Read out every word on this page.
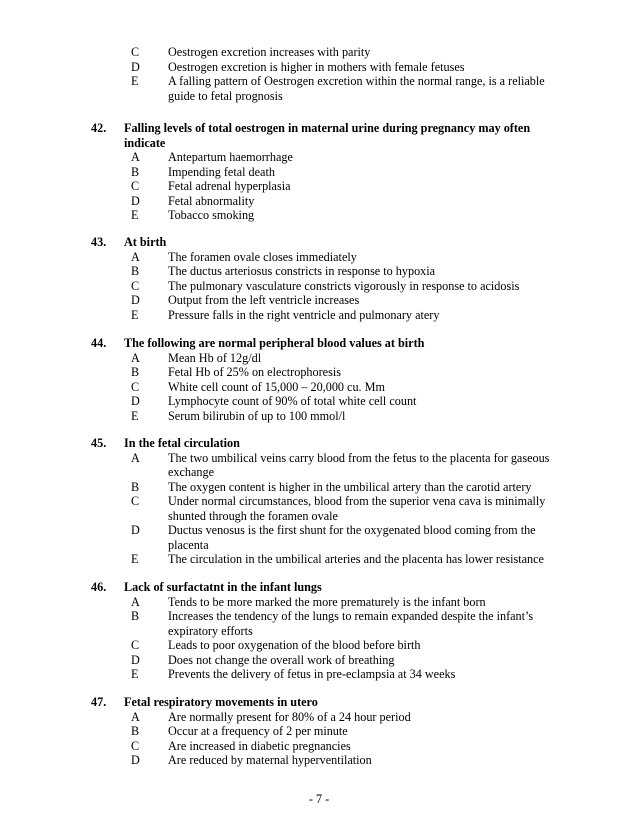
C	Oestrogen excretion increases with parity
D	Oestrogen excretion is higher in mothers with female fetuses
E	A falling pattern of Oestrogen excretion within the normal range, is a reliable guide to fetal prognosis
42.	Falling levels of total oestrogen in maternal urine during pregnancy may often indicate
A	Antepartum haemorrhage
B	Impending fetal death
C	Fetal adrenal hyperplasia
D	Fetal abnormality
E	Tobacco smoking
43.	At birth
A	The foramen ovale closes immediately
B	The ductus arteriosus constricts in response to hypoxia
C	The pulmonary vasculature constricts vigorously in response to acidosis
D	Output from the left ventricle increases
E	Pressure falls in the right ventricle and pulmonary atery
44.	The following are normal peripheral blood values at birth
A	Mean Hb of 12g/dl
B	Fetal Hb of 25% on electrophoresis
C	White cell count of 15,000 – 20,000 cu. Mm
D	Lymphocyte count of 90% of total white cell count
E	Serum bilirubin of up to 100 mmol/l
45.	In the fetal circulation
A	The two umbilical veins carry blood from the fetus to the placenta for gaseous exchange
B	The oxygen content is higher in the umbilical artery than the carotid artery
C	Under normal circumstances, blood from the superior vena cava is minimally shunted through the foramen ovale
D	Ductus venosus is the first shunt for the oxygenated blood coming from the placenta
E	The circulation in the umbilical arteries and the placenta has lower resistance
46.	Lack of surfactatnt in the infant lungs
A	Tends to be more marked the more prematurely is the infant born
B	Increases the tendency of the lungs to remain expanded despite the infant’s expiratory efforts
C	Leads to poor oxygenation of the blood before birth
D	Does not change the overall work of breathing
E	Prevents the delivery of fetus in pre-eclampsia at 34 weeks
47.	Fetal respiratory movements in utero
A	Are normally present for 80% of a 24 hour period
B	Occur at a frequency of 2 per minute
C	Are increased in diabetic pregnancies
D	Are reduced by maternal hyperventilation
- 7 -
